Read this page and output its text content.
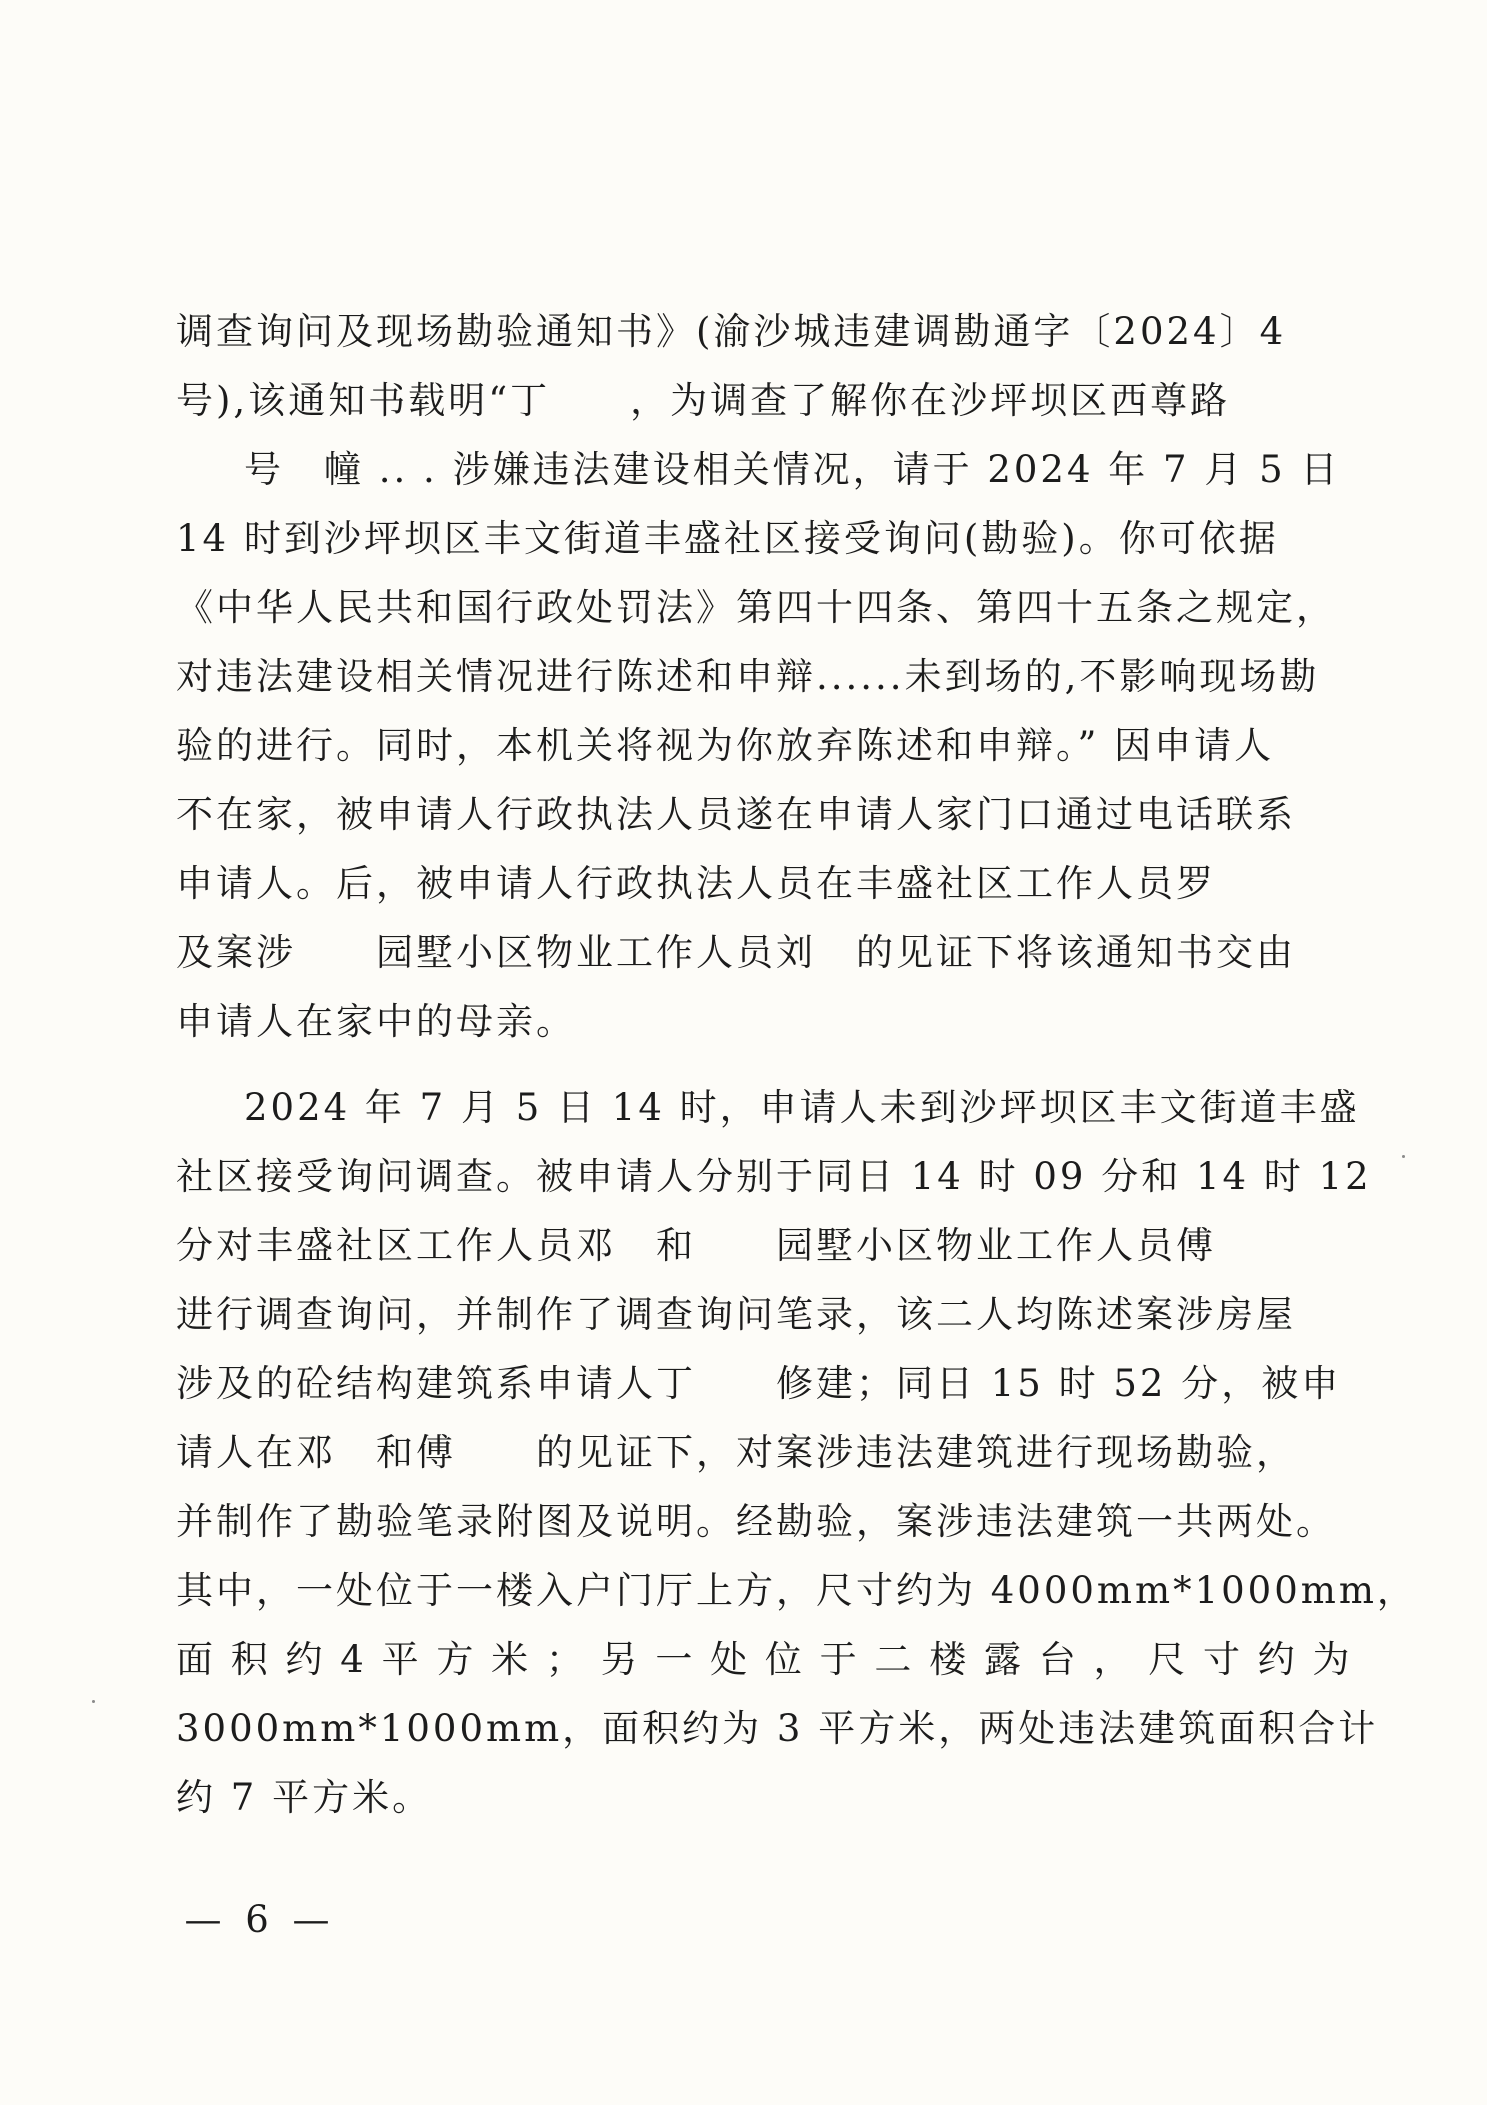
调查询问及现场勘验通知书》(渝沙城违建调勘通字〔2024〕4
号),该通知书载明“丁　　，为调查了解你在沙坪坝区西尊路
号　幢 .. . 涉嫌违法建设相关情况，请于 2024 年 7 月 5 日
14 时到沙坪坝区丰文街道丰盛社区接受询问(勘验)。你可依据
《中华人民共和国行政处罚法》第四十四条、第四十五条之规定，
对违法建设相关情况进行陈述和申辩......未到场的,不影响现场勘
验的进行。同时，本机关将视为你放弃陈述和申辩。” 因申请人
不在家，被申请人行政执法人员遂在申请人家门口通过电话联系
申请人。后，被申请人行政执法人员在丰盛社区工作人员罗
及案涉　　园墅小区物业工作人员刘　的见证下将该通知书交由
申请人在家中的母亲。
2024 年 7 月 5 日 14 时，申请人未到沙坪坝区丰文街道丰盛
社区接受询问调查。被申请人分别于同日 14 时 09 分和 14 时 12
分对丰盛社区工作人员邓　和　　园墅小区物业工作人员傅
进行调查询问，并制作了调查询问笔录，该二人均陈述案涉房屋
涉及的砼结构建筑系申请人丁　　修建；同日 15 时 52 分，被申
请人在邓　和傅　　的见证下，对案涉违法建筑进行现场勘验，
并制作了勘验笔录附图及说明。经勘验，案涉违法建筑一共两处。
其中，一处位于一楼入户门厅上方，尺寸约为 4000mm*1000mm，
面 积 约 4 平 方 米 ； 另 一 处 位 于 二 楼 露 台 ， 尺 寸 约 为
3000mm*1000mm，面积约为 3 平方米，两处违法建筑面积合计
约 7 平方米。
— 6 —
